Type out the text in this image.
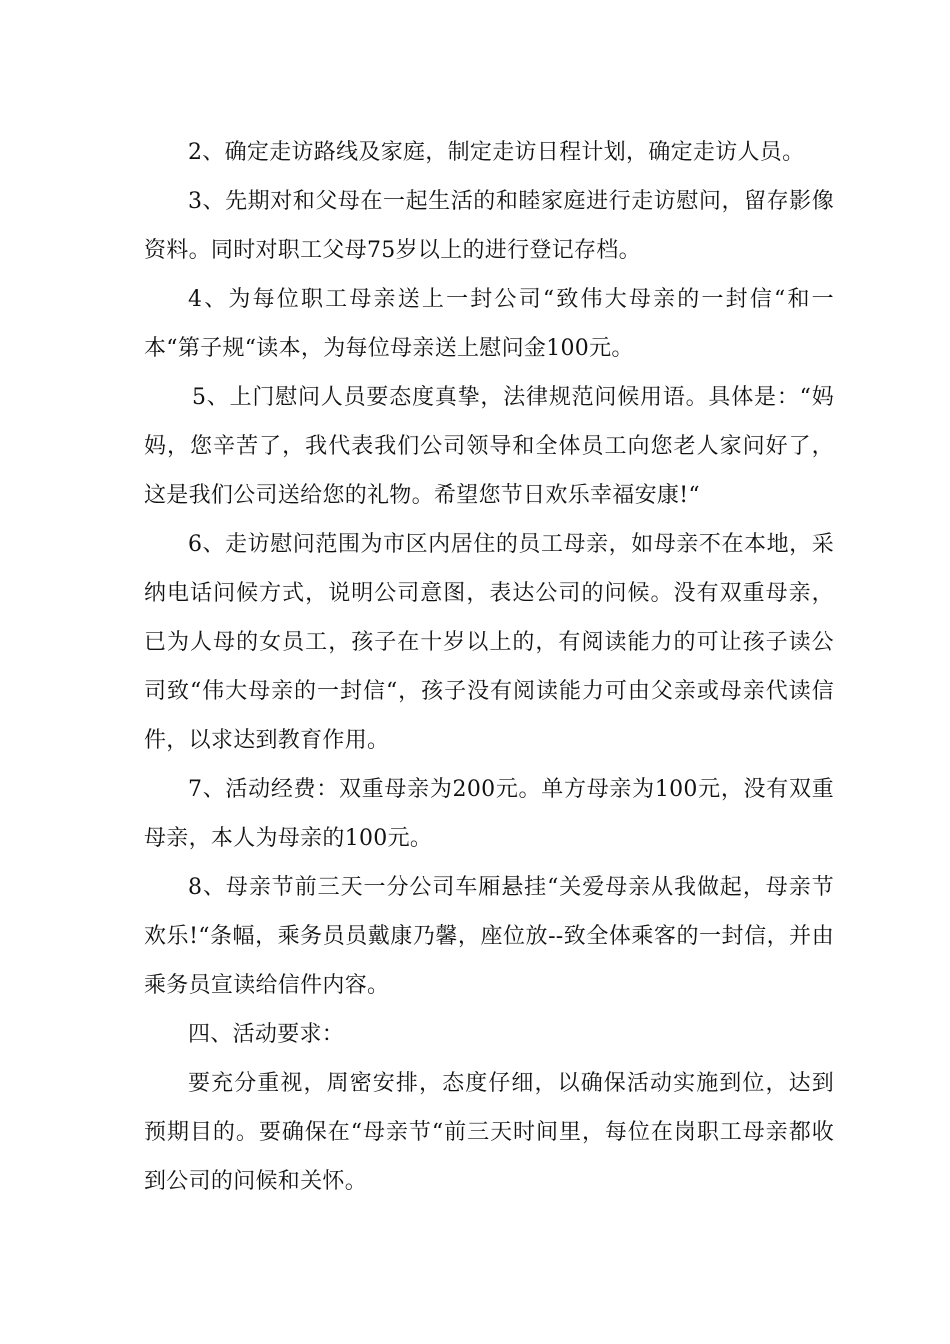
2、确定走访路线及家庭，制定走访日程计划，确定走访人员。

3、先期对和父母在一起生活的和睦家庭进行走访慰问，留存影像资料。同时对职工父母75岁以上的进行登记存档。

4、为每位职工母亲送上一封公司“致伟大母亲的一封信“和一本“第子规“读本，为每位母亲送上慰问金100元。

5、上门慰问人员要态度真挚，法律规范问候用语。具体是：“妈妈，您辛苦了，我代表我们公司领导和全体员工向您老人家问好了，这是我们公司送给您的礼物。希望您节日欢乐幸福安康!“

6、走访慰问范围为市区内居住的员工母亲，如母亲不在本地，采纳电话问候方式，说明公司意图，表达公司的问候。没有双重母亲，已为人母的女员工，孩子在十岁以上的，有阅读能力的可让孩子读公司致“伟大母亲的一封信“，孩子没有阅读能力可由父亲或母亲代读信件，以求达到教育作用。

7、活动经费：双重母亲为200元。单方母亲为100元，没有双重母亲，本人为母亲的100元。

8、母亲节前三天一分公司车厢悬挂“关爱母亲从我做起，母亲节欢乐!“条幅，乘务员员戴康乃馨，座位放--致全体乘客的一封信，并由乘务员宣读给信件内容。

四、活动要求：

要充分重视，周密安排，态度仔细，以确保活动实施到位，达到预期目的。要确保在“母亲节“前三天时间里，每位在岗职工母亲都收到公司的问候和关怀。
